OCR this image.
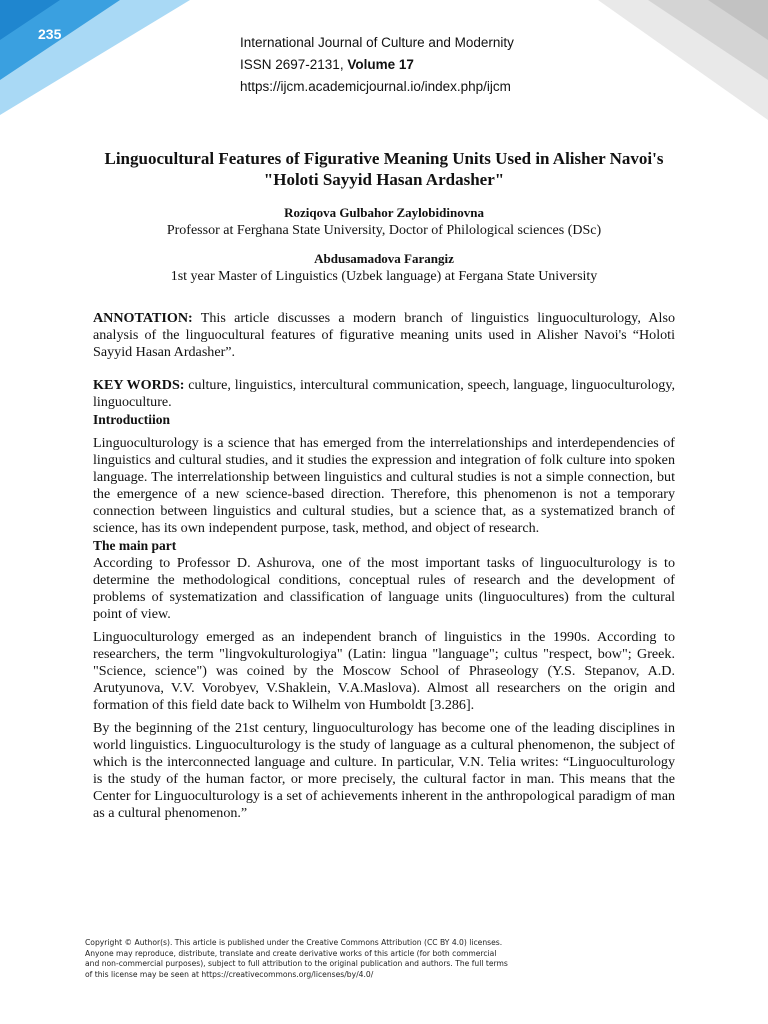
235
International Journal of Culture and Modernity
ISSN 2697-2131, Volume 17
https://ijcm.academicjournal.io/index.php/ijcm
Linguocultural Features of Figurative Meaning Units Used in Alisher Navoi's "Holoti Sayyid Hasan Ardasher"
Roziqova Gulbahor Zaylobidinovna
Professor at Ferghana State University, Doctor of Philological sciences (DSc)
Abdusamadova Farangiz
1st year Master of Linguistics (Uzbek language) at Fergana State University

ANNOTATION: This article discusses a modern branch of linguistics linguoculturology, Also analysis of the linguocultural features of figurative meaning units used in Alisher Navoi's “Holoti Sayyid Hasan Ardasher”.

KEY WORDS: culture, linguistics, intercultural communication, speech, language, linguoculturology, linguoculture.

Introductiion

Linguoculturology is a science that has emerged from the interrelationships and interdependencies of linguistics and cultural studies, and it studies the expression and integration of folk culture into spoken language. The interrelationship between linguistics and cultural studies is not a simple connection, but the emergence of a new science-based direction. Therefore, this phenomenon is not a temporary connection between linguistics and cultural studies, but a science that, as a systematized branch of science, has its own independent purpose, task, method, and object of research.

The main part

According to Professor D. Ashurova, one of the most important tasks of linguoculturology is to determine the methodological conditions, conceptual rules of research and the development of problems of systematization and classification of language units (linguocultures) from the cultural point of view.

Linguoculturology emerged as an independent branch of linguistics in the 1990s. According to researchers, the term "lingvokulturologiya" (Latin: lingua "language"; cultus "respect, bow"; Greek. "Science, science") was coined by the Moscow School of Phraseology (Y.S. Stepanov, A.D. Arutyunova, V.V. Vorobyev, V.Shaklein, V.A.Maslova). Almost all researchers on the origin and formation of this field date back to Wilhelm von Humboldt [3.286].

By the beginning of the 21st century, linguoculturology has become one of the leading disciplines in world linguistics. Linguoculturology is the study of language as a cultural phenomenon, the subject of which is the interconnected language and culture. In particular, V.N. Telia writes: “Linguoculturology is the study of the human factor, or more precisely, the cultural factor in man. This means that the Center for Linguoculturology is a set of achievements inherent in the anthropological paradigm of man as a cultural phenomenon.”

Copyright © Author(s). This article is published under the Creative Commons Attribution (CC BY 4.0) licenses.
Anyone may reproduce, distribute, translate and create derivative works of this article (for both commercial
and non-commercial purposes), subject to full attribution to the original publication and authors. The full terms
of this license may be seen at https://creativecommons.org/licenses/by/4.0/
